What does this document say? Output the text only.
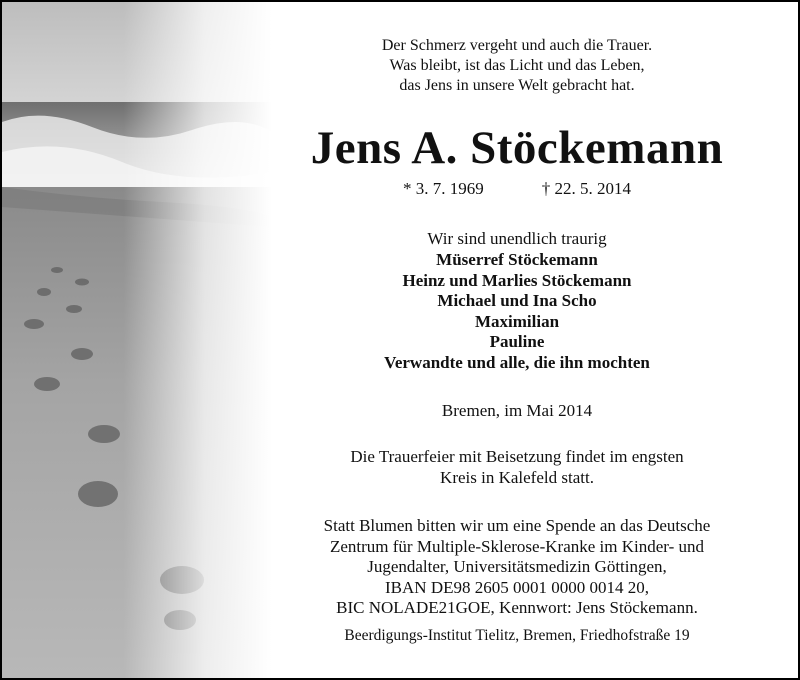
Der Schmerz vergeht und auch die Trauer.
Was bleibt, ist das Licht und das Leben,
das Jens in unsere Welt gebracht hat.
Jens A. Stöckemann
* 3. 7. 1969	† 22. 5. 2014
Wir sind unendlich traurig
Müserref Stöckemann
Heinz und Marlies Stöckemann
Michael und Ina Scho
Maximilian
Pauline
Verwandte und alle, die ihn mochten
Bremen, im Mai 2014
Die Trauerfeier mit Beisetzung findet im engsten
Kreis in Kalefeld statt.
Statt Blumen bitten wir um eine Spende an das Deutsche
Zentrum für Multiple-Sklerose-Kranke im Kinder- und
Jugendalter, Universitätsmedizin Göttingen,
IBAN DE98 2605 0001 0000 0014 20,
BIC NOLADE21GOE, Kennwort: Jens Stöckemann.
Beerdigungs-Institut Tielitz, Bremen, Friedhofstraße 19
